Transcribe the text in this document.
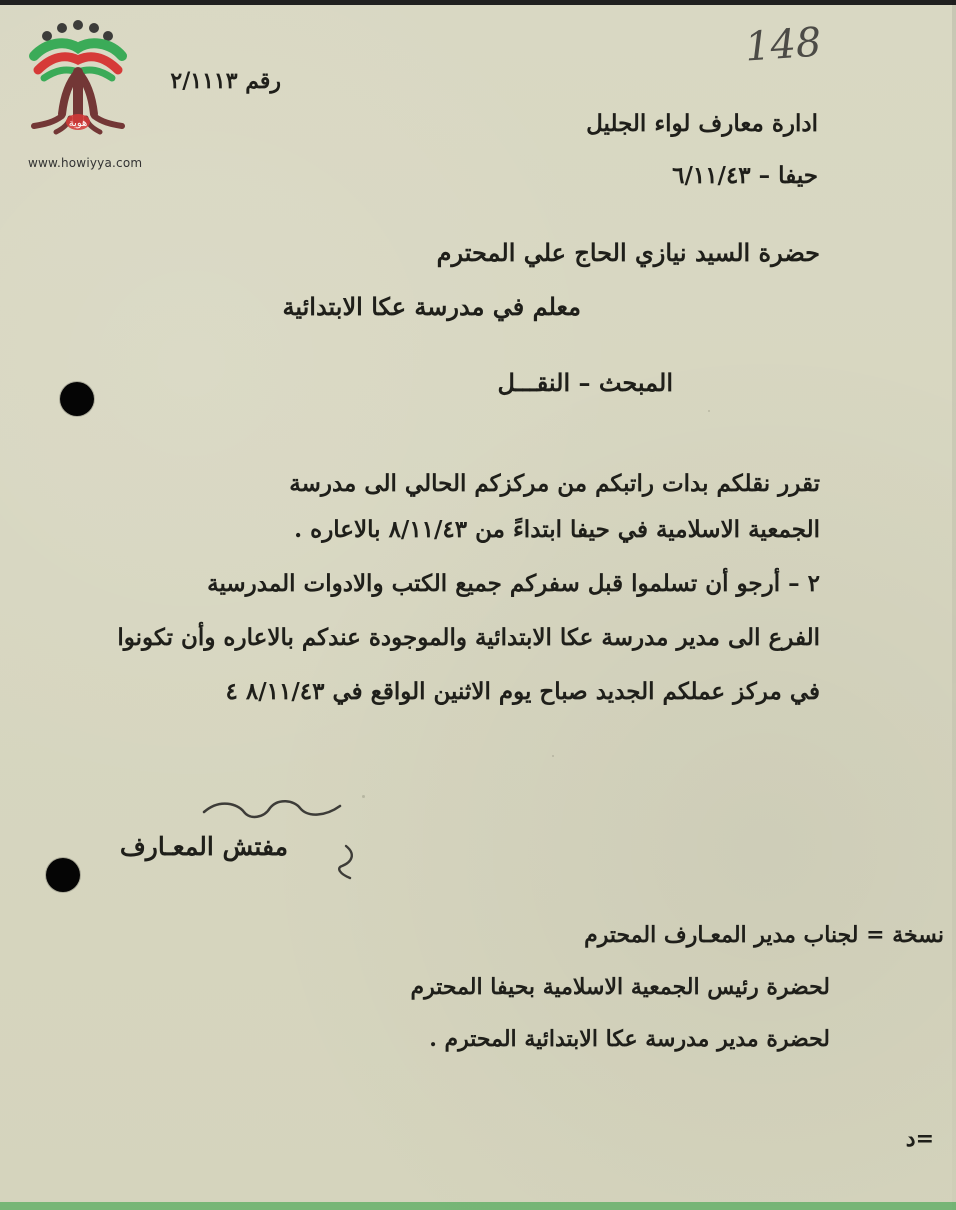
هوية
www.howiyya.com
148
رقم ٢/١١١٣
ادارة معارف لواء الجليل
حيفا – ٦/١١/٤٣
حضرة السيد نيازي الحاج علي المحترم
معلم في مدرسة عكا الابتدائية
المبحث – النقـــل
تقرر نقلكم بدات راتبكم من مركزكم الحالي الى مدرسة
الجمعية الاسلامية في حيفا ابتداءً من ٨/١١/٤٣ بالاعاره .
٢ – أرجو أن تسلموا قبل سفركم جميع الكتب والادوات المدرسية
الفرع الى مدير مدرسة عكا الابتدائية والموجودة عندكم بالاعاره وأن تكونوا
في مركز عملكم الجديد صباح يوم الاثنين الواقع في ٨/١١/٤٣ ٤
مفتش المعـارف
نسخة = لجناب مدير المعـارف المحترم
لحضرة رئيس الجمعية الاسلامية بحيفا المحترم
لحضرة مدير مدرسة عكا الابتدائية المحترم .
=د
